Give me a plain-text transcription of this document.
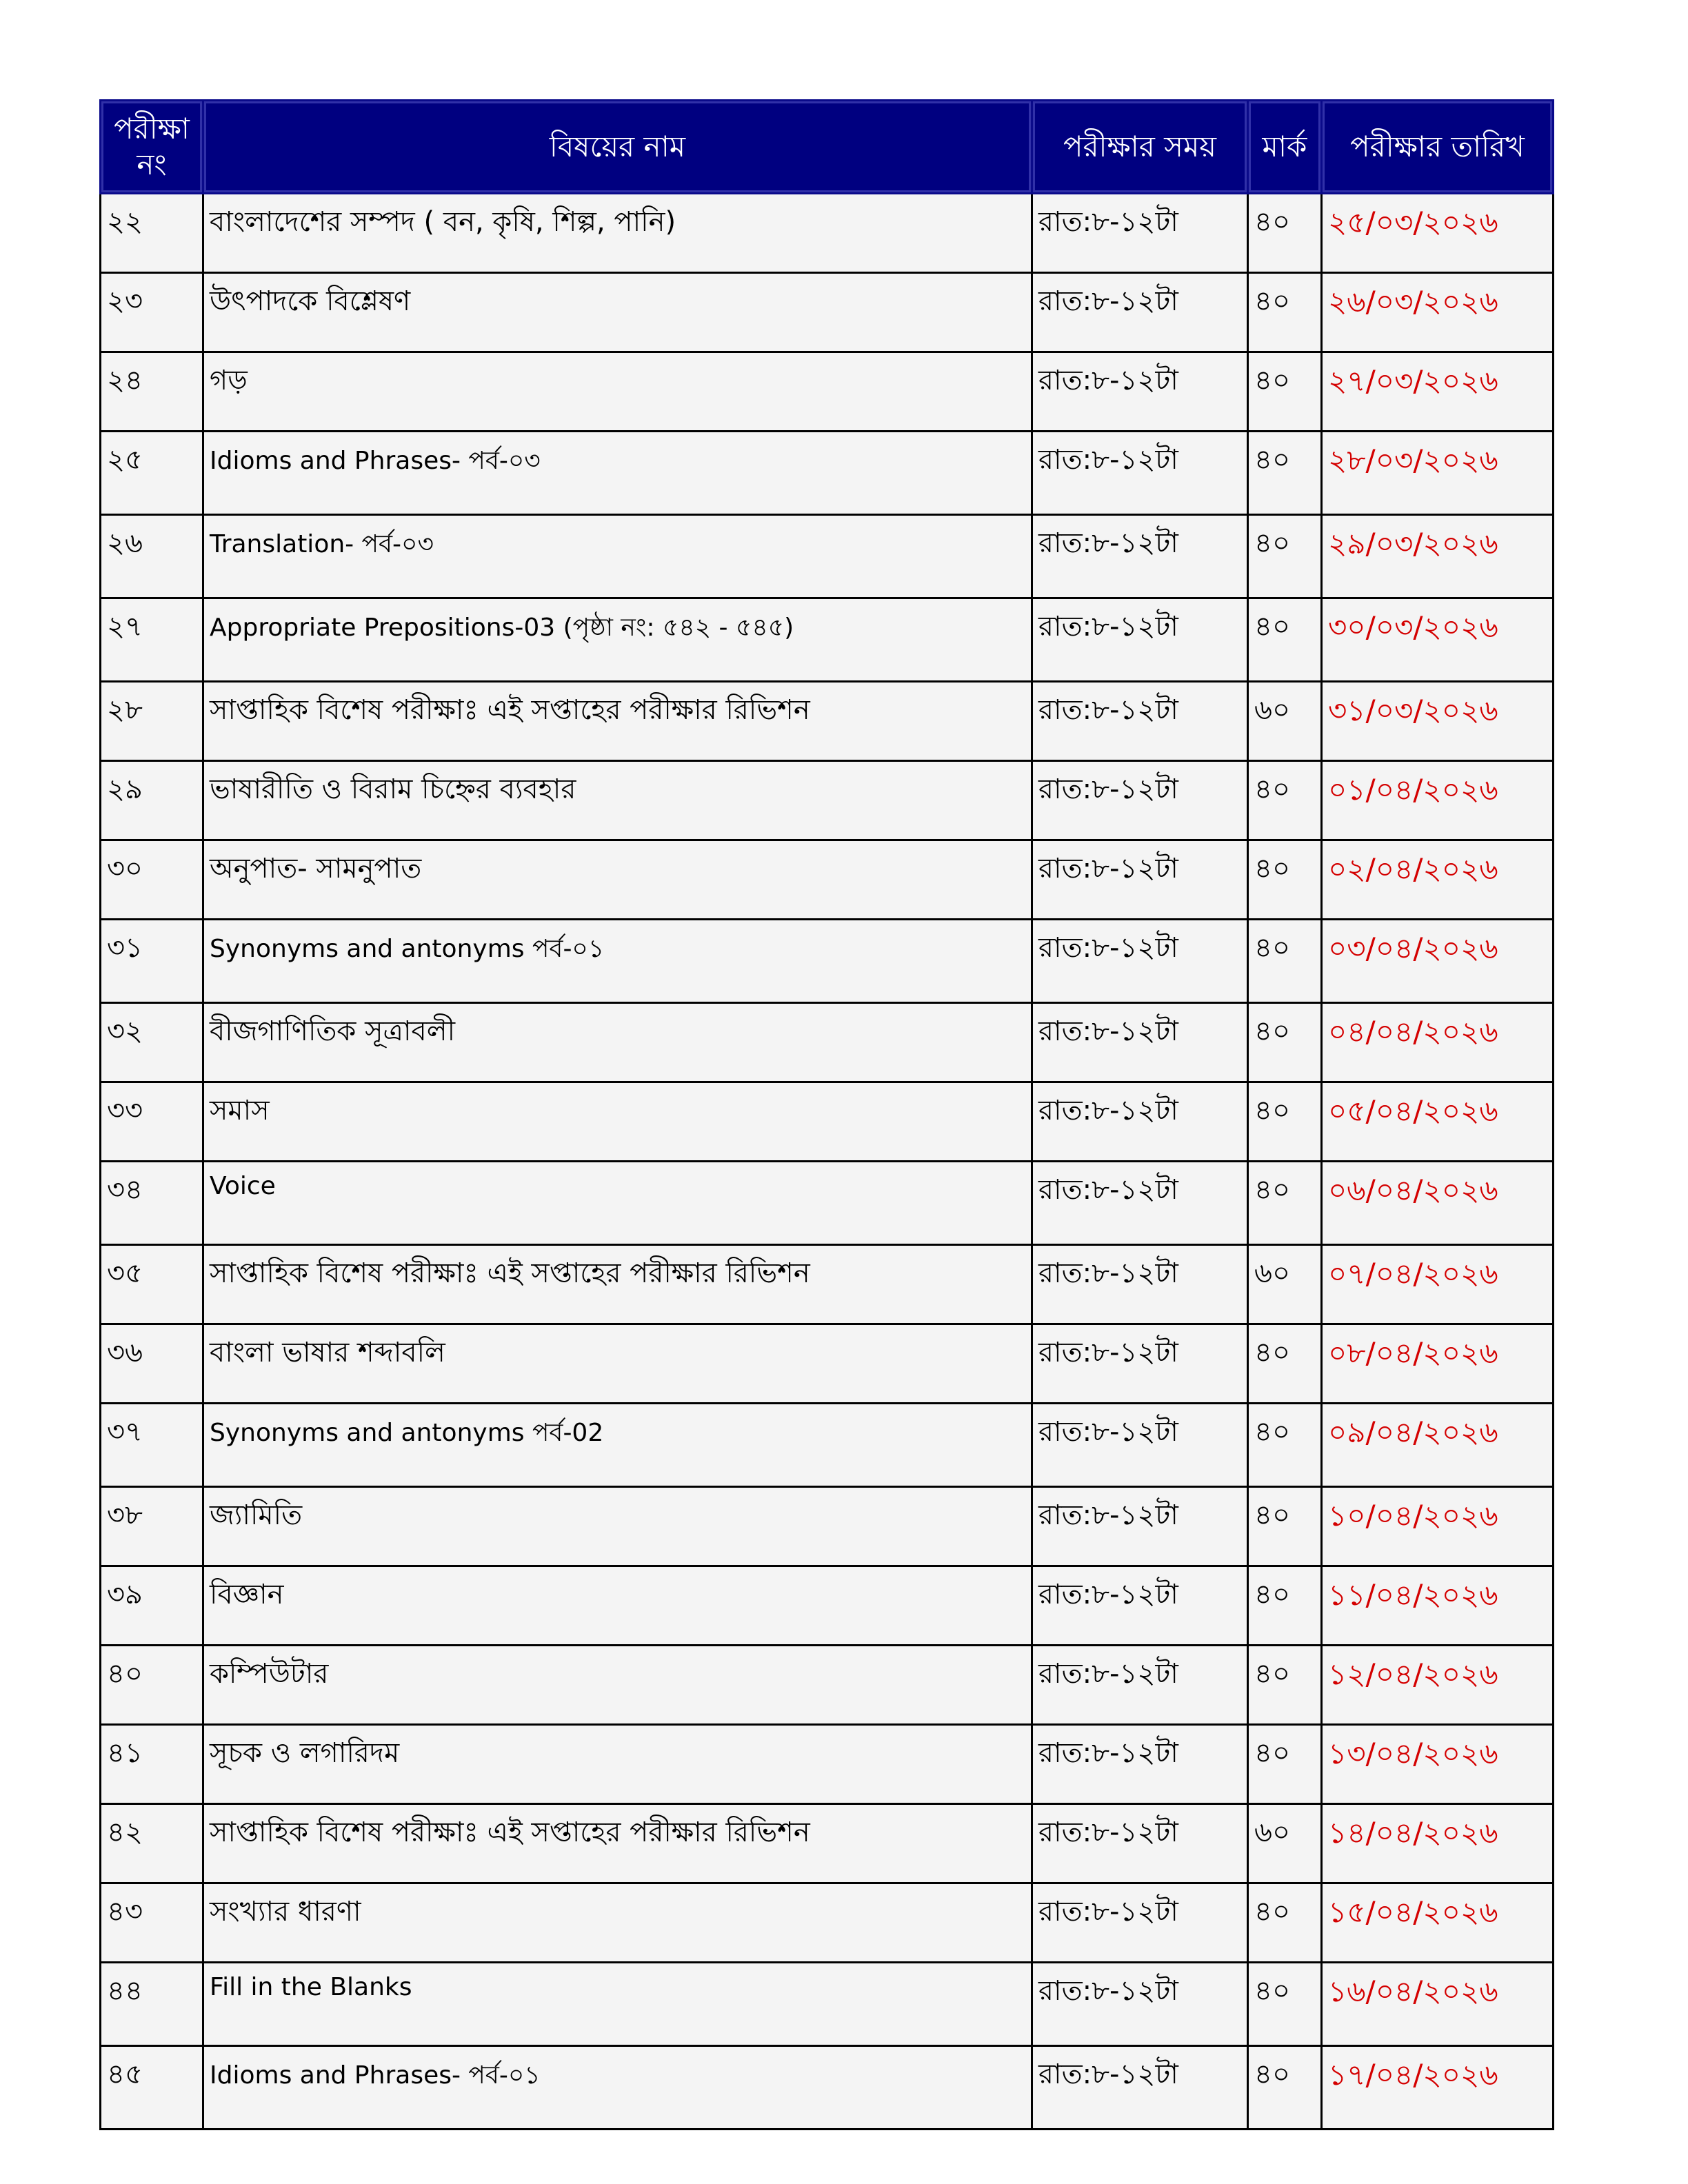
পরীক্ষা নং	বিষয়ের নাম	পরীক্ষার সময়	মার্ক	পরীক্ষার তারিখ
২২	বাংলাদেশের সম্পদ ( বন, কৃষি, শিল্প, পানি)	রাত:৮-১২টা	৪০	২৫/০৩/২০২৬
২৩	উৎপাদকে বিশ্লেষণ	রাত:৮-১২টা	৪০	২৬/০৩/২০২৬
২৪	গড়	রাত:৮-১২টা	৪০	২৭/০৩/২০২৬
২৫	Idioms and Phrases- পর্ব-০৩	রাত:৮-১২টা	৪০	২৮/০৩/২০২৬
২৬	Translation- পর্ব-০৩	রাত:৮-১২টা	৪০	২৯/০৩/২০২৬
২৭	Appropriate Prepositions-03 (পৃষ্ঠা নং: ৫৪২ - ৫৪৫)	রাত:৮-১২টা	৪০	৩০/০৩/২০২৬
২৮	সাপ্তাহিক বিশেষ পরীক্ষাঃ এই সপ্তাহের পরীক্ষার রিভিশন	রাত:৮-১২টা	৬০	৩১/০৩/২০২৬
২৯	ভাষারীতি ও বিরাম চিহ্নের ব্যবহার	রাত:৮-১২টা	৪০	০১/০৪/২০২৬
৩০	অনুপাত- সামনুপাত	রাত:৮-১২টা	৪০	০২/০৪/২০২৬
৩১	Synonyms and antonyms পর্ব-০১	রাত:৮-১২টা	৪০	০৩/০৪/২০২৬
৩২	বীজগাণিতিক সূত্রাবলী	রাত:৮-১২টা	৪০	০৪/০৪/২০২৬
৩৩	সমাস	রাত:৮-১২টা	৪০	০৫/০৪/২০২৬
৩৪	Voice	রাত:৮-১২টা	৪০	০৬/০৪/২০২৬
৩৫	সাপ্তাহিক বিশেষ পরীক্ষাঃ এই সপ্তাহের পরীক্ষার রিভিশন	রাত:৮-১২টা	৬০	০৭/০৪/২০২৬
৩৬	বাংলা ভাষার শব্দাবলি	রাত:৮-১২টা	৪০	০৮/০৪/২০২৬
৩৭	Synonyms and antonyms পর্ব-02	রাত:৮-১২টা	৪০	০৯/০৪/২০২৬
৩৮	জ্যামিতি	রাত:৮-১২টা	৪০	১০/০৪/২০২৬
৩৯	বিজ্ঞান	রাত:৮-১২টা	৪০	১১/০৪/২০২৬
৪০	কম্পিউটার	রাত:৮-১২টা	৪০	১২/০৪/২০২৬
৪১	সূচক ও লগারিদম	রাত:৮-১২টা	৪০	১৩/০৪/২০২৬
৪২	সাপ্তাহিক বিশেষ পরীক্ষাঃ এই সপ্তাহের পরীক্ষার রিভিশন	রাত:৮-১২টা	৬০	১৪/০৪/২০২৬
৪৩	সংখ্যার ধারণা	রাত:৮-১২টা	৪০	১৫/০৪/২০২৬
৪৪	Fill in the Blanks	রাত:৮-১২টা	৪০	১৬/০৪/২০২৬
৪৫	Idioms and Phrases- পর্ব-০১	রাত:৮-১২টা	৪০	১৭/০৪/২০২৬
